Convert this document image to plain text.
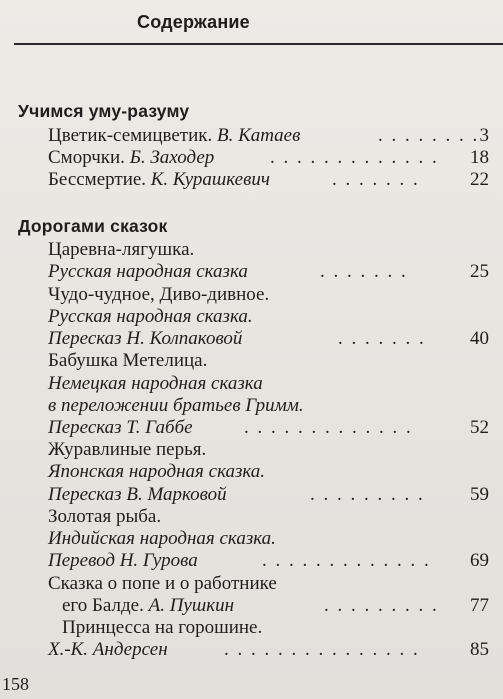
Содержание
Учимся уму-разуму
Цветик-семицветик. В. Катаев	. . . . . . . . 3
Сморчки. Б. Заходер	. . . . . . . . . . . . . 18
Бессмертие. К. Курашкевич	. . . . . . .	22
Дорогами сказок
Царевна-лягушка.
Русская народная сказка	. . . . . . .	25
Чудо-чудное, Диво-дивное.
Русская народная сказка.
Пересказ Н. Колпаковой	. . . . . . . 40
Бабушка Метелица.
Немецкая народная сказка
в переложении братьев Гримм.
Пересказ Т. Габбе	. . . . . . . . . . . . .	52
Журавлиные перья.
Японская народная сказка.
Пересказ В. Марковой	. . . . . . . . . 59
Золотая рыба.
Индийская народная сказка.
Перевод Н. Гурова	. . . . . . . . . . . . . 69
Сказка о попе и о работнике
его Балде. А. Пушкин	. . . . . . . . . 77
Принцесса на горошине.
Х.-К. Андерсен	. . . . . . . . . . . . . . .	85
158
